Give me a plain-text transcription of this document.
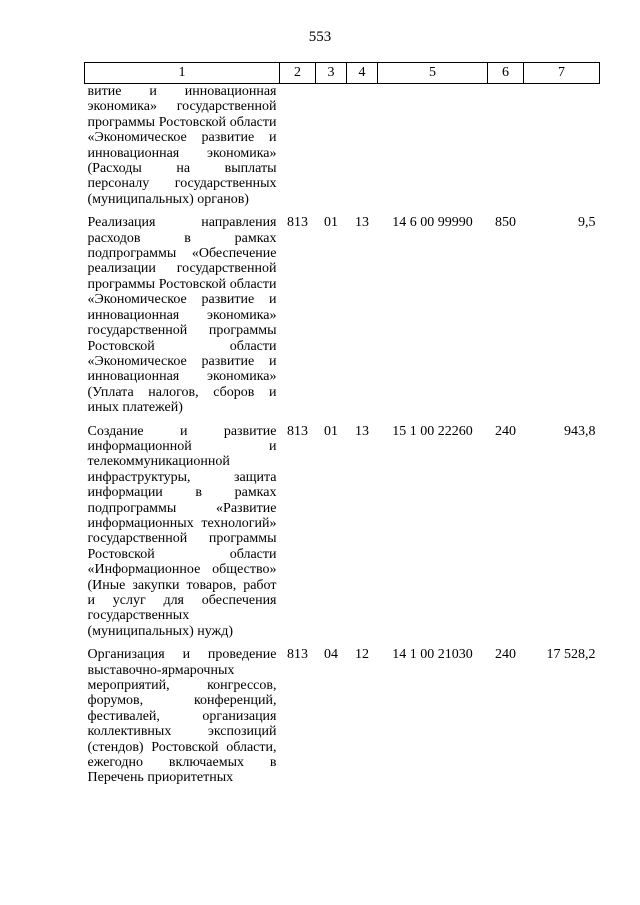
553
1	2	3	4	5	6	7
витие и инновационная экономика» государственной программы Ростовской области «Экономическое развитие и инновационная экономика» (Расходы на выплаты персоналу государственных (муниципальных) органов)						
Реализация направления расходов в рамках подпрограммы «Обеспечение реализации государственной программы Ростовской области «Экономическое развитие и инновационная экономика» государственной программы Ростовской области «Экономическое развитие и инновационная экономика» (Уплата налогов, сборов и иных платежей)	813	01	13	14 6 00 99990	850	9,5
Создание и развитие информационной и телекоммуникационной инфраструктуры, защита информации в рамках подпрограммы «Развитие информационных технологий» государственной программы Ростовской области «Информационное общество» (Иные закупки товаров, работ и услуг для обеспечения государственных (муниципальных) нужд)	813	01	13	15 1 00 22260	240	943,8
Организация и проведение выставочно-ярмарочных мероприятий, конгрессов, форумов, конференций, фестивалей, организация коллективных экспозиций (стендов) Ростовской области, ежегодно включаемых в Перечень приоритетных	813	04	12	14 1 00 21030	240	17 528,2
